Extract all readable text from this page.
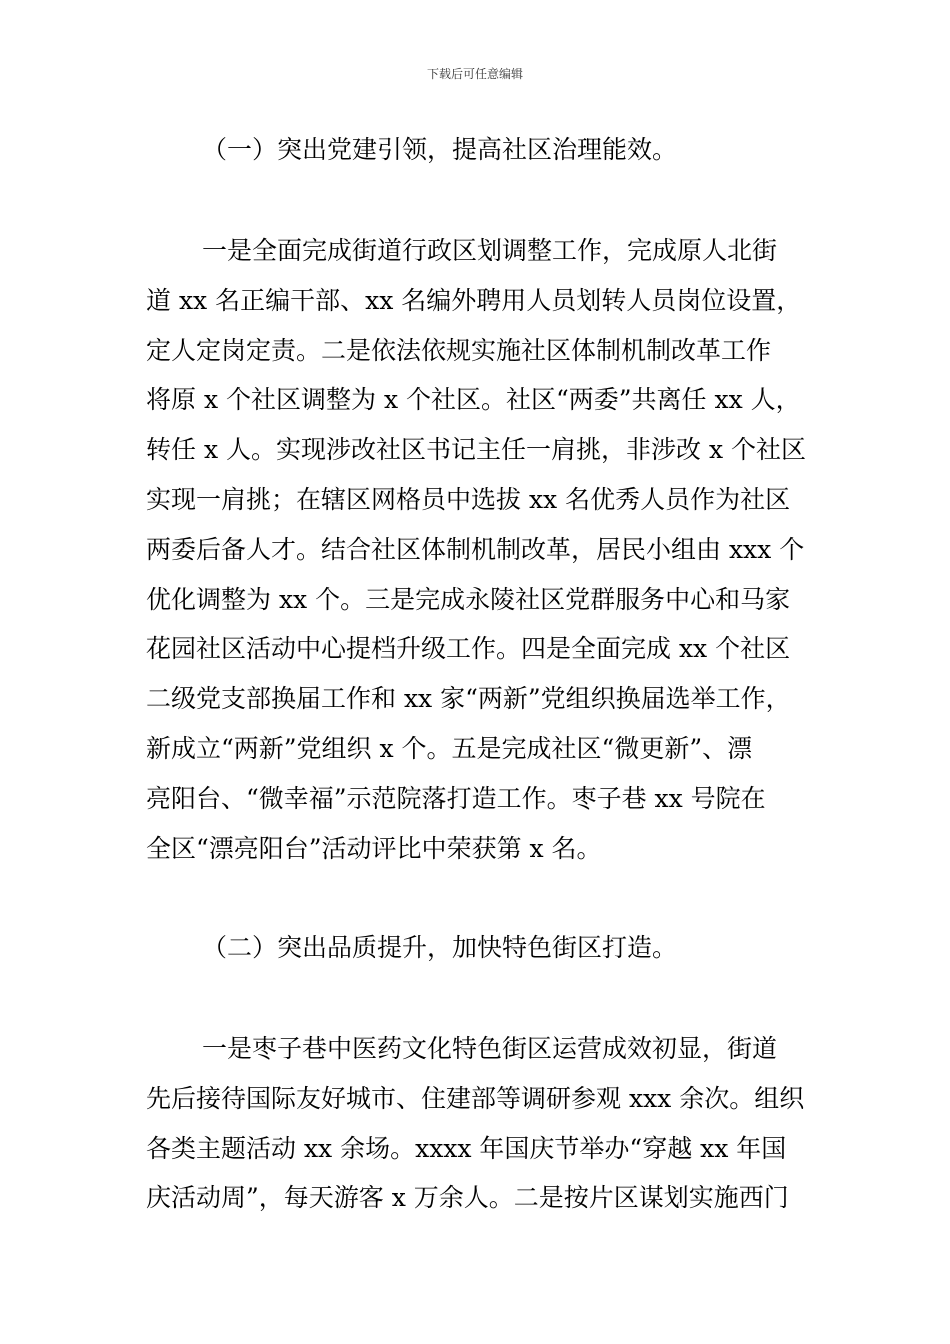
下载后可任意编辑
（一）突出党建引领，提高社区治理能效。
一是全面完成街道行政区划调整工作，完成原人北街
道 xx 名正编干部、xx 名编外聘用人员划转人员岗位设置，
定人定岗定责。二是依法依规实施社区体制机制改革工作
将原 x 个社区调整为 x 个社区。社区“两委”共离任 xx 人，
转任 x 人。实现涉改社区书记主任一肩挑，非涉改 x 个社区
实现一肩挑；在辖区网格员中选拔 xx 名优秀人员作为社区
两委后备人才。结合社区体制机制改革，居民小组由 xxx 个
优化调整为 xx 个。三是完成永陵社区党群服务中心和马家
花园社区活动中心提档升级工作。四是全面完成 xx 个社区
二级党支部换届工作和 xx 家“两新”党组织换届选举工作，
新成立“两新”党组织 x 个。五是完成社区“微更新”、漂
亮阳台、“微幸福”示范院落打造工作。枣子巷 xx 号院在
全区“漂亮阳台”活动评比中荣获第 x 名。
（二）突出品质提升，加快特色街区打造。
一是枣子巷中医药文化特色街区运营成效初显，街道
先后接待国际友好城市、住建部等调研参观 xxx 余次。组织
各类主题活动 xx 余场。xxxx 年国庆节举办“穿越 xx 年国
庆活动周”，每天游客 x 万余人。二是按片区谋划实施西门
